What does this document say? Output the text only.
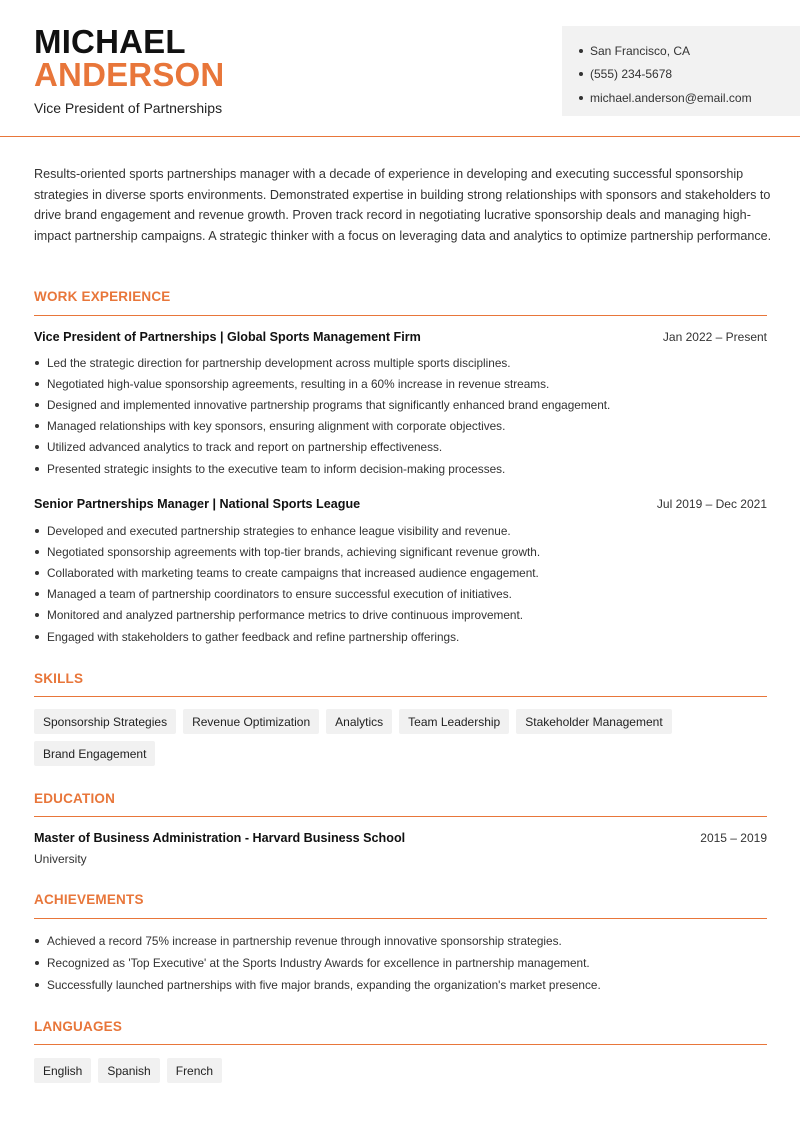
MICHAEL
ANDERSON
Vice President of Partnerships
San Francisco, CA
(555) 234-5678
michael.anderson@email.com
Results-oriented sports partnerships manager with a decade of experience in developing and executing successful sponsorship strategies in diverse sports environments. Demonstrated expertise in building strong relationships with sponsors and stakeholders to drive brand engagement and revenue growth. Proven track record in negotiating lucrative sponsorship deals and managing high-impact partnership campaigns. A strategic thinker with a focus on leveraging data and analytics to optimize partnership performance.
WORK EXPERIENCE
Vice President of Partnerships | Global Sports Management Firm	Jan 2022 – Present
Led the strategic direction for partnership development across multiple sports disciplines.
Negotiated high-value sponsorship agreements, resulting in a 60% increase in revenue streams.
Designed and implemented innovative partnership programs that significantly enhanced brand engagement.
Managed relationships with key sponsors, ensuring alignment with corporate objectives.
Utilized advanced analytics to track and report on partnership effectiveness.
Presented strategic insights to the executive team to inform decision-making processes.
Senior Partnerships Manager | National Sports League	Jul 2019 – Dec 2021
Developed and executed partnership strategies to enhance league visibility and revenue.
Negotiated sponsorship agreements with top-tier brands, achieving significant revenue growth.
Collaborated with marketing teams to create campaigns that increased audience engagement.
Managed a team of partnership coordinators to ensure successful execution of initiatives.
Monitored and analyzed partnership performance metrics to drive continuous improvement.
Engaged with stakeholders to gather feedback and refine partnership offerings.
SKILLS
Sponsorship Strategies	Revenue Optimization	Analytics	Team Leadership	Stakeholder Management
Brand Engagement
EDUCATION
Master of Business Administration - Harvard Business School	2015 – 2019
University
ACHIEVEMENTS
Achieved a record 75% increase in partnership revenue through innovative sponsorship strategies.
Recognized as 'Top Executive' at the Sports Industry Awards for excellence in partnership management.
Successfully launched partnerships with five major brands, expanding the organization's market presence.
LANGUAGES
English	Spanish	French
